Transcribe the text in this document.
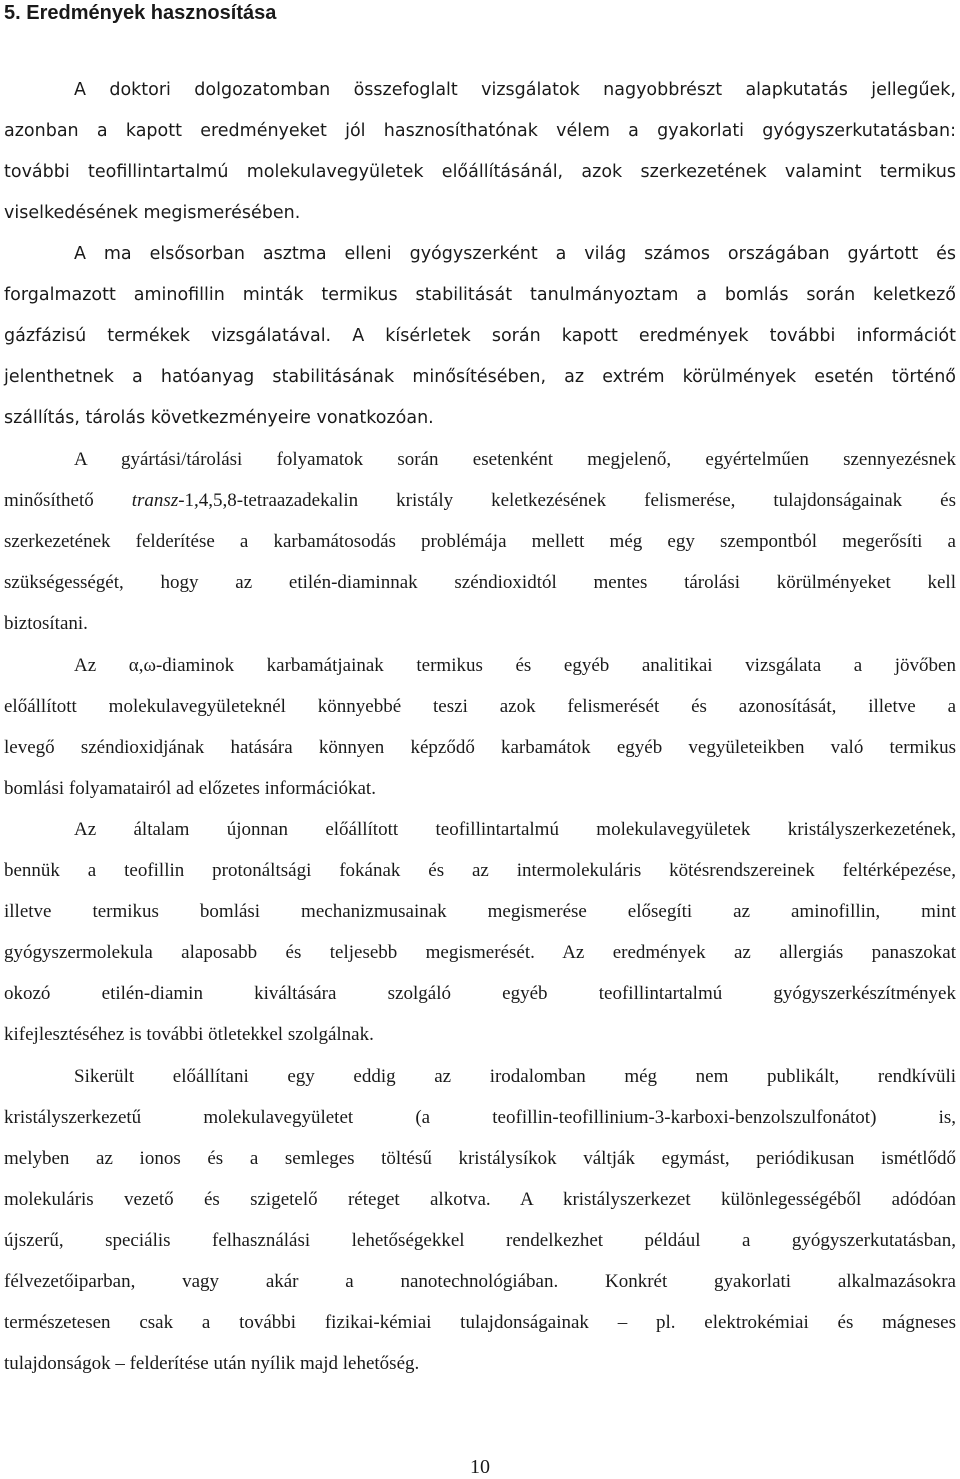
5. Eredmények hasznosítása
A doktori dolgozatomban összefoglalt vizsgálatok nagyobbrészt alapkutatás jellegűek,
azonban a kapott eredményeket jól hasznosíthatónak vélem a gyakorlati gyógyszerkutatásban:
további teofillintartalmú molekulavegyületek előállításánál, azok szerkezetének valamint termikus
viselkedésének megismerésében.
A ma elsősorban asztma elleni gyógyszerként a világ számos országában gyártott és
forgalmazott aminofillin minták termikus stabilitását tanulmányoztam a bomlás során keletkező
gázfázisú termékek vizsgálatával. A kísérletek során kapott eredmények további információt
jelenthetnek a hatóanyag stabilitásának minősítésében, az extrém körülmények esetén történő
szállítás, tárolás következményeire vonatkozóan.
A gyártási/tárolási folyamatok során esetenként megjelenő, egyértelműen szennyezésnek
minősíthető transz-1,4,5,8-tetraazadekalin kristály keletkezésének felismerése, tulajdonságainak és
szerkezetének felderítése a karbamátosodás problémája mellett még egy szempontból megerősíti a
szükségességét, hogy az etilén-diaminnak széndioxidtól mentes tárolási körülményeket kell
biztosítani.
Az α,ω-diaminok karbamátjainak termikus és egyéb analitikai vizsgálata a jövőben
előállított molekulavegyületeknél könnyebbé teszi azok felismerését és azonosítását, illetve a
levegő széndioxidjának hatására könnyen képződő karbamátok egyéb vegyületeikben való termikus
bomlási folyamatairól ad előzetes információkat.
Az általam újonnan előállított teofillintartalmú molekulavegyületek kristályszerkezetének,
bennük a teofillin protonáltsági fokának és az intermolekuláris kötésrendszereinek feltérképezése,
illetve termikus bomlási mechanizmusainak megismerése elősegíti az aminofillin, mint
gyógyszermolekula alaposabb és teljesebb megismerését. Az eredmények az allergiás panaszokat
okozó etilén-diamin kiváltására szolgáló egyéb teofillintartalmú gyógyszerkészítmények
kifejlesztéséhez is további ötletekkel szolgálnak.
Sikerült előállítani egy eddig az irodalomban még nem publikált, rendkívüli
kristályszerkezetű molekulavegyületet (a teofillin-teofillinium-3-karboxi-benzolszulfonátot) is,
melyben az ionos és a semleges töltésű kristálysíkok váltják egymást, periódikusan ismétlődő
molekuláris vezető és szigetelő réteget alkotva. A kristályszerkezet különlegességéből adódóan
újszerű, speciális felhasználási lehetőségekkel rendelkezhet például a gyógyszerkutatásban,
félvezetőiparban, vagy akár a nanotechnológiában. Konkrét gyakorlati alkalmazásokra
természetesen csak a további fizikai-kémiai tulajdonságainak – pl. elektrokémiai és mágneses
tulajdonságok – felderítése után nyílik majd lehetőség.
10
